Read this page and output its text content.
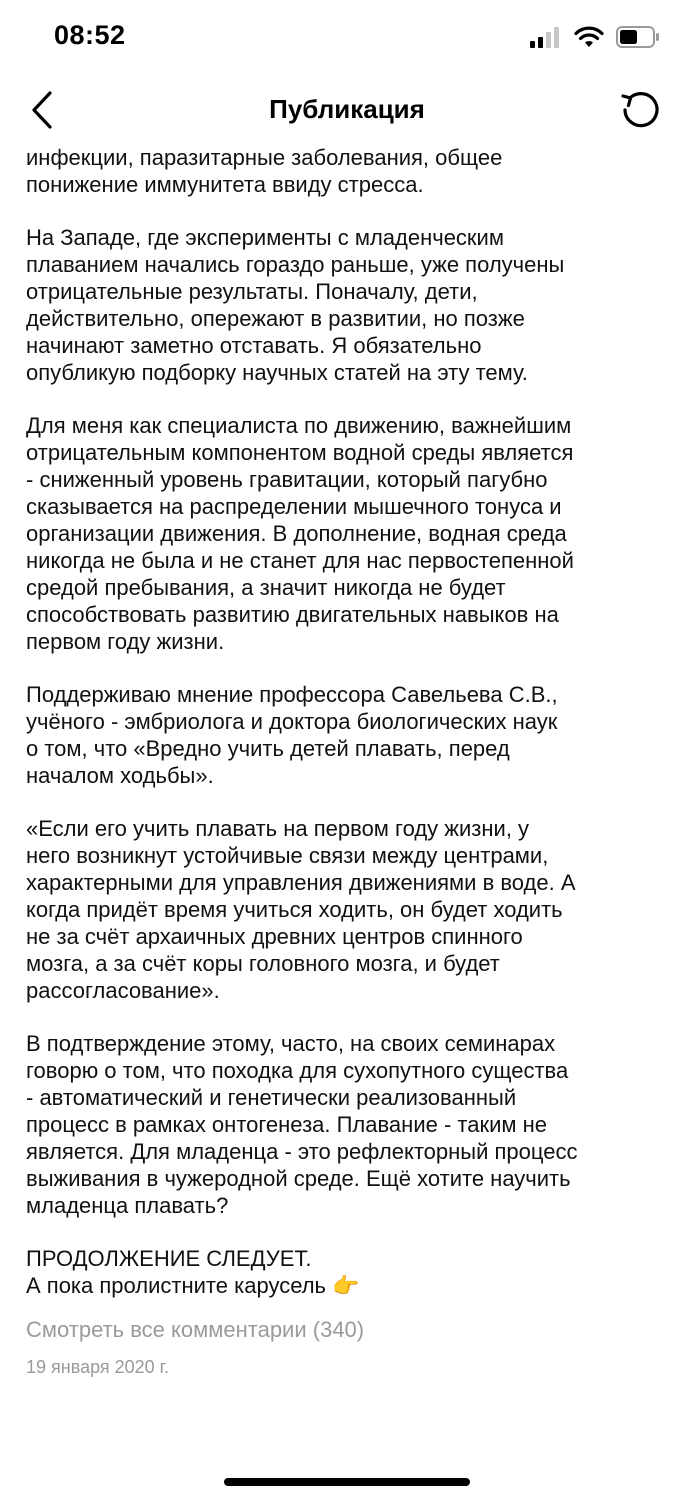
08:52
Публикация

инфекции, паразитарные заболевания, общее
понижение иммунитета ввиду стресса.

На Западе, где эксперименты с младенческим
плаванием начались гораздо раньше, уже получены
отрицательные результаты. Поначалу, дети,
действительно, опережают в развитии, но позже
начинают заметно отставать. Я обязательно
опубликую подборку научных статей на эту тему.

Для меня как специалиста по движению, важнейшим
отрицательным компонентом водной среды является
- сниженный уровень гравитации, который пагубно
сказывается на распределении мышечного тонуса и
организации движения. В дополнение, водная среда
никогда не была и не станет для нас первостепенной
средой пребывания, а значит никогда не будет
способствовать развитию двигательных навыков на
первом году жизни.

Поддерживаю мнение профессора Савельева С.В.,
учёного - эмбриолога и доктора биологических наук
о том, что «Вредно учить детей плавать, перед
началом ходьбы».

«Если его учить плавать на первом году жизни, у
него возникнут устойчивые связи между центрами,
характерными для управления движениями в воде. А
когда придёт время учиться ходить, он будет ходить
не за счёт архаичных древних центров спинного
мозга, а за счёт коры головного мозга, и будет
рассогласование».

В подтверждение этому, часто, на своих семинарах
говорю о том, что походка для сухопутного существа
- автоматический и генетически реализованный
процесс в рамках онтогенеза. Плавание - таким не
является. Для младенца - это рефлекторный процесс
выживания в чужеродной среде. Ещё хотите научить
младенца плавать?

ПРОДОЛЖЕНИЕ СЛЕДУЕТ.

А пока пролистните карусель 👉

Смотреть все комментарии (340)
19 января 2020 г.
